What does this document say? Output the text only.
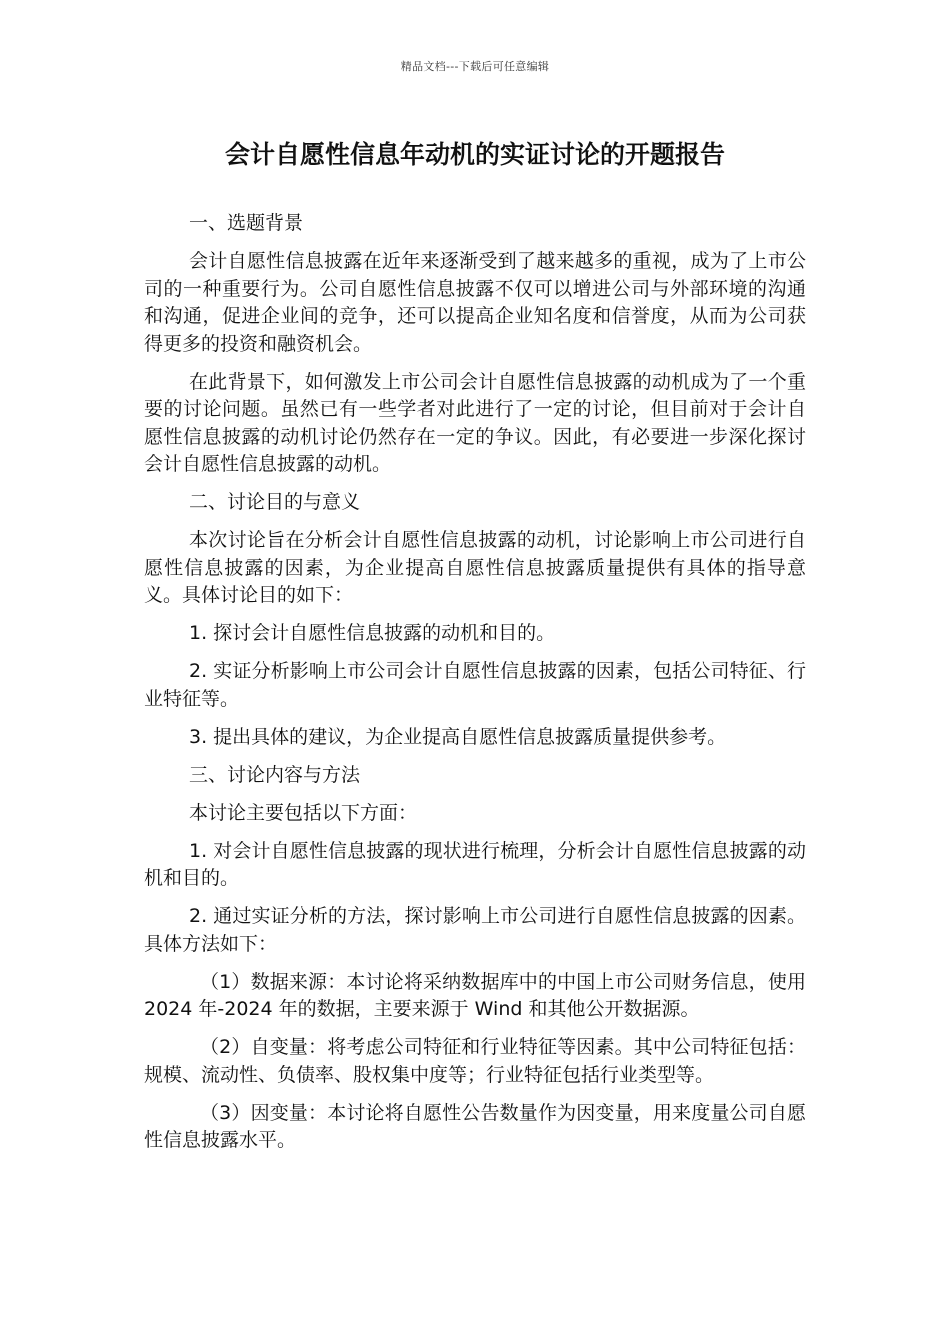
精品文档---下载后可任意编辑
会计自愿性信息年动机的实证讨论的开题报告

一、选题背景

会计自愿性信息披露在近年来逐渐受到了越来越多的重视，成为了上市公司的一种重要行为。公司自愿性信息披露不仅可以增进公司与外部环境的沟通和沟通，促进企业间的竞争，还可以提高企业知名度和信誉度，从而为公司获得更多的投资和融资机会。

在此背景下，如何激发上市公司会计自愿性信息披露的动机成为了一个重要的讨论问题。虽然已有一些学者对此进行了一定的讨论，但目前对于会计自愿性信息披露的动机讨论仍然存在一定的争议。因此，有必要进一步深化探讨会计自愿性信息披露的动机。

二、讨论目的与意义

本次讨论旨在分析会计自愿性信息披露的动机，讨论影响上市公司进行自愿性信息披露的因素，为企业提高自愿性信息披露质量提供有具体的指导意义。具体讨论目的如下：

1. 探讨会计自愿性信息披露的动机和目的。

2. 实证分析影响上市公司会计自愿性信息披露的因素，包括公司特征、行业特征等。

3. 提出具体的建议，为企业提高自愿性信息披露质量提供参考。

三、讨论内容与方法

本讨论主要包括以下方面：

1. 对会计自愿性信息披露的现状进行梳理，分析会计自愿性信息披露的动机和目的。

2. 通过实证分析的方法，探讨影响上市公司进行自愿性信息披露的因素。具体方法如下：

（1）数据来源：本讨论将采纳数据库中的中国上市公司财务信息，使用 2024 年-2024 年的数据，主要来源于 Wind 和其他公开数据源。

（2）自变量：将考虑公司特征和行业特征等因素。其中公司特征包括：规模、流动性、负债率、股权集中度等；行业特征包括行业类型等。

（3）因变量：本讨论将自愿性公告数量作为因变量，用来度量公司自愿性信息披露水平。
